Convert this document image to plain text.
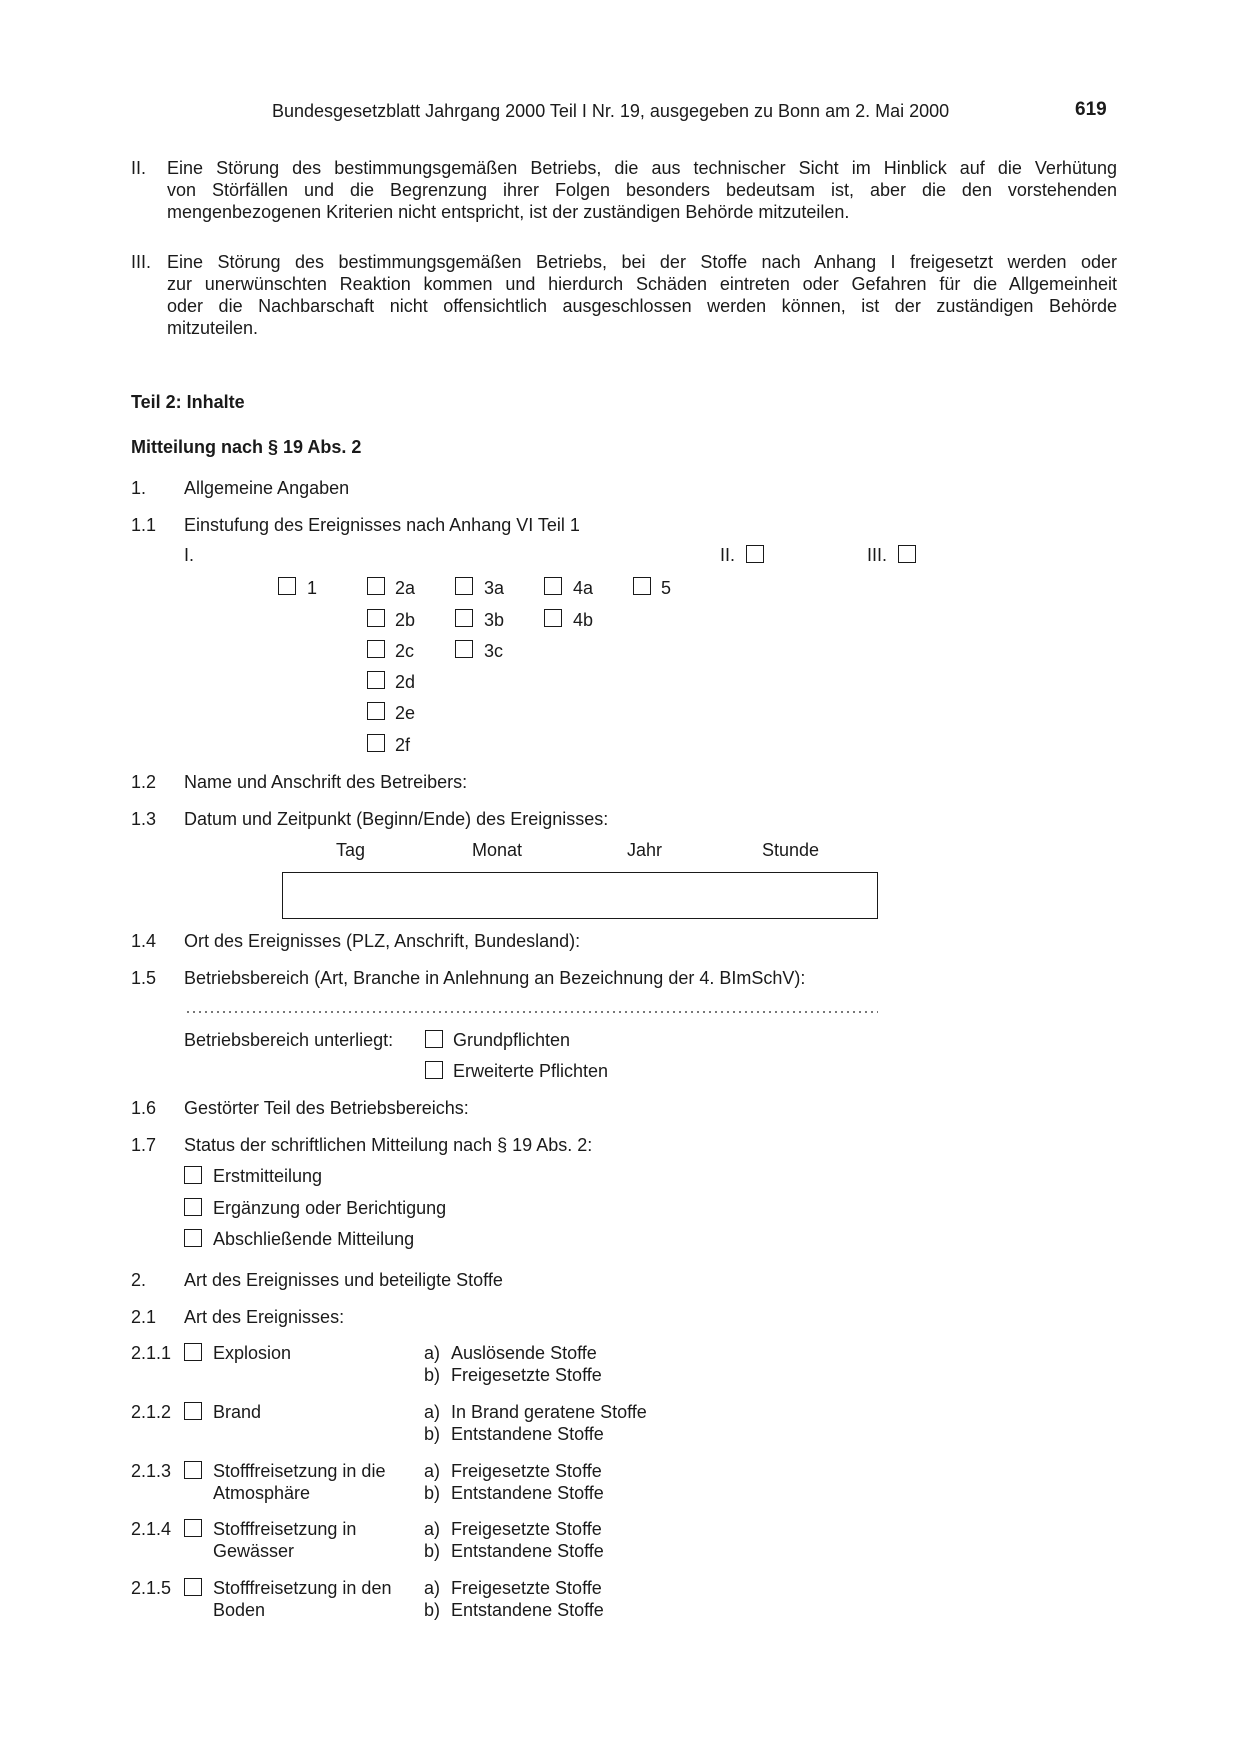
Bundesgesetzblatt Jahrgang 2000 Teil I Nr. 19, ausgegeben zu Bonn am 2. Mai 2000	619
II. Eine Störung des bestimmungsgemäßen Betriebs, die aus technischer Sicht im Hinblick auf die Verhütung
von Störfällen und die Begrenzung ihrer Folgen besonders bedeutsam ist, aber die den vorstehenden
mengenbezogenen Kriterien nicht entspricht, ist der zuständigen Behörde mitzuteilen.
III. Eine Störung des bestimmungsgemäßen Betriebs, bei der Stoffe nach Anhang I freigesetzt werden oder
zur unerwünschten Reaktion kommen und hierdurch Schäden eintreten oder Gefahren für die Allgemeinheit
oder die Nachbarschaft nicht offensichtlich ausgeschlossen werden können, ist der zuständigen Behörde
mitzuteilen.
Teil 2: Inhalte
Mitteilung nach § 19 Abs. 2
1. Allgemeine Angaben
1.1 Einstufung des Ereignisses nach Anhang VI Teil 1
I.	II.	III.
1	2a	3a	4a	5
2b	3b	4b
2c	3c
2d
2e
2f
1.2 Name und Anschrift des Betreibers:
1.3 Datum und Zeitpunkt (Beginn/Ende) des Ereignisses:
Tag	Monat	Jahr	Stunde
1.4 Ort des Ereignisses (PLZ, Anschrift, Bundesland):
1.5 Betriebsbereich (Art, Branche in Anlehnung an Bezeichnung der 4. BImSchV):
Betriebsbereich unterliegt:	Grundpflichten
Erweiterte Pflichten
1.6 Gestörter Teil des Betriebsbereichs:
1.7 Status der schriftlichen Mitteilung nach § 19 Abs. 2:
Erstmitteilung
Ergänzung oder Berichtigung
Abschließende Mitteilung
2. Art des Ereignisses und beteiligte Stoffe
2.1 Art des Ereignisses:
2.1.1 Explosion	a) Auslösende Stoffe
b) Freigesetzte Stoffe
2.1.2 Brand	a) In Brand geratene Stoffe
b) Entstandene Stoffe
2.1.3 Stofffreisetzung in die
Atmosphäre
a) Freigesetzte Stoffe
b) Entstandene Stoffe
2.1.4 Stofffreisetzung in
Gewässer
a) Freigesetzte Stoffe
b) Entstandene Stoffe
2.1.5 Stofffreisetzung in den
Boden
a) Freigesetzte Stoffe
b) Entstandene Stoffe
